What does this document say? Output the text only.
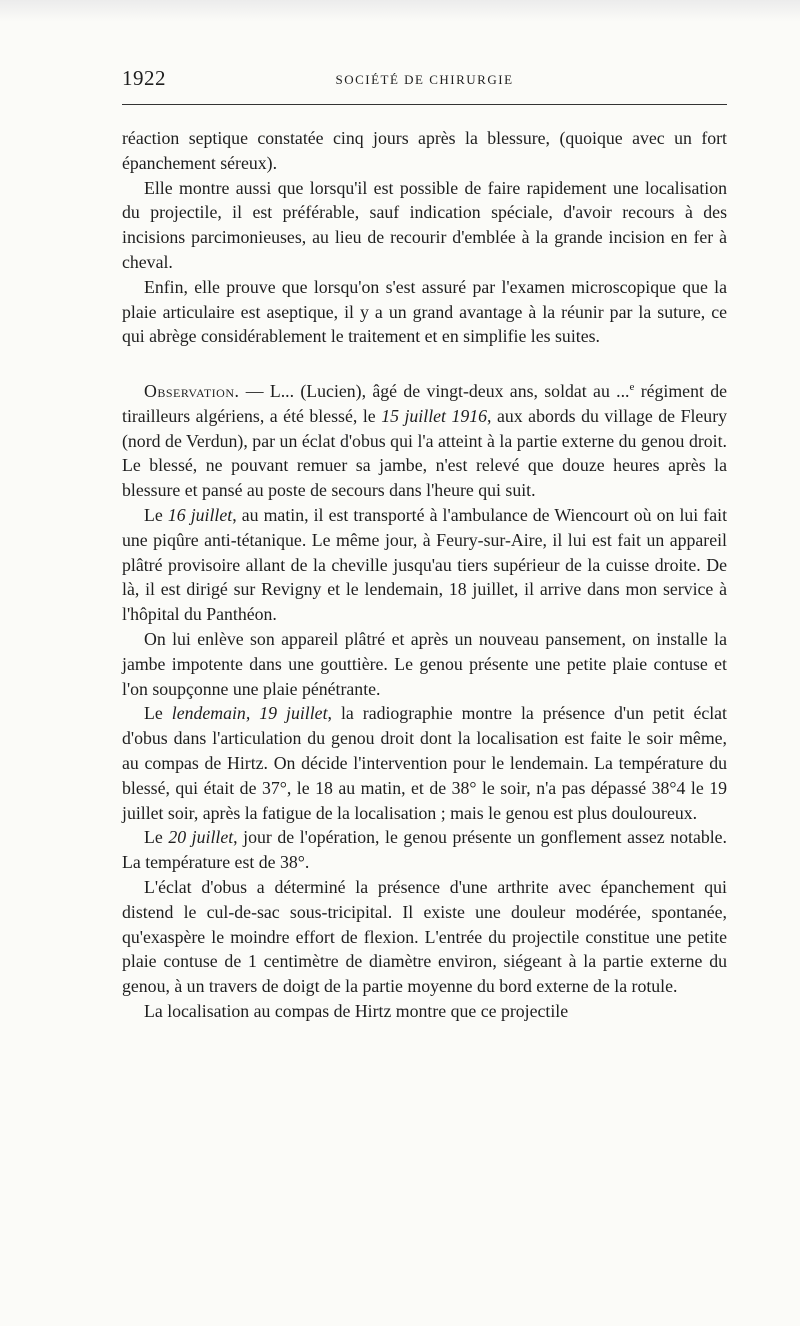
1922	SOCIÉTÉ DE CHIRURGIE

réaction septique constatée cinq jours après la blessure, (quoique avec un fort épanchement séreux).

Elle montre aussi que lorsqu'il est possible de faire rapidement une localisation du projectile, il est préférable, sauf indication spéciale, d'avoir recours à des incisions parcimonieuses, au lieu de recourir d'emblée à la grande incision en fer à cheval.

Enfin, elle prouve que lorsqu'on s'est assuré par l'examen microscopique que la plaie articulaire est aseptique, il y a un grand avantage à la réunir par la suture, ce qui abrège considérablement le traitement et en simplifie les suites.

Observation. — L... (Lucien), âgé de vingt-deux ans, soldat au ...$^e$ régiment de tirailleurs algériens, a été blessé, le 15 juillet 1916, aux abords du village de Fleury (nord de Verdun), par un éclat d'obus qui l'a atteint à la partie externe du genou droit. Le blessé, ne pouvant remuer sa jambe, n'est relevé que douze heures après la blessure et pansé au poste de secours dans l'heure qui suit.

Le 16 juillet, au matin, il est transporté à l'ambulance de Wiencourt où on lui fait une piqûre anti-tétanique. Le même jour, à Feury-sur-Aire, il lui est fait un appareil plâtré provisoire allant de la cheville jusqu'au tiers supérieur de la cuisse droite. De là, il est dirigé sur Revigny et le lendemain, 18 juillet, il arrive dans mon service à l'hôpital du Panthéon.

On lui enlève son appareil plâtré et après un nouveau pansement, on installe la jambe impotente dans une gouttière. Le genou présente une petite plaie contuse et l'on soupçonne une plaie pénétrante.

Le lendemain, 19 juillet, la radiographie montre la présence d'un petit éclat d'obus dans l'articulation du genou droit dont la localisation est faite le soir même, au compas de Hirtz. On décide l'intervention pour le lendemain. La température du blessé, qui était de 37°, le 18 au matin, et de 38° le soir, n'a pas dépassé 38°4 le 19 juillet soir, après la fatigue de la localisation ; mais le genou est plus douloureux.

Le 20 juillet, jour de l'opération, le genou présente un gonflement assez notable. La température est de 38°.

L'éclat d'obus a déterminé la présence d'une arthrite avec épanchement qui distend le cul-de-sac sous-tricipital. Il existe une douleur modérée, spontanée, qu'exaspère le moindre effort de flexion. L'entrée du projectile constitue une petite plaie contuse de 1 centimètre de diamètre environ, siégeant à la partie externe du genou, à un travers de doigt de la partie moyenne du bord externe de la rotule.

La localisation au compas de Hirtz montre que ce projectile
